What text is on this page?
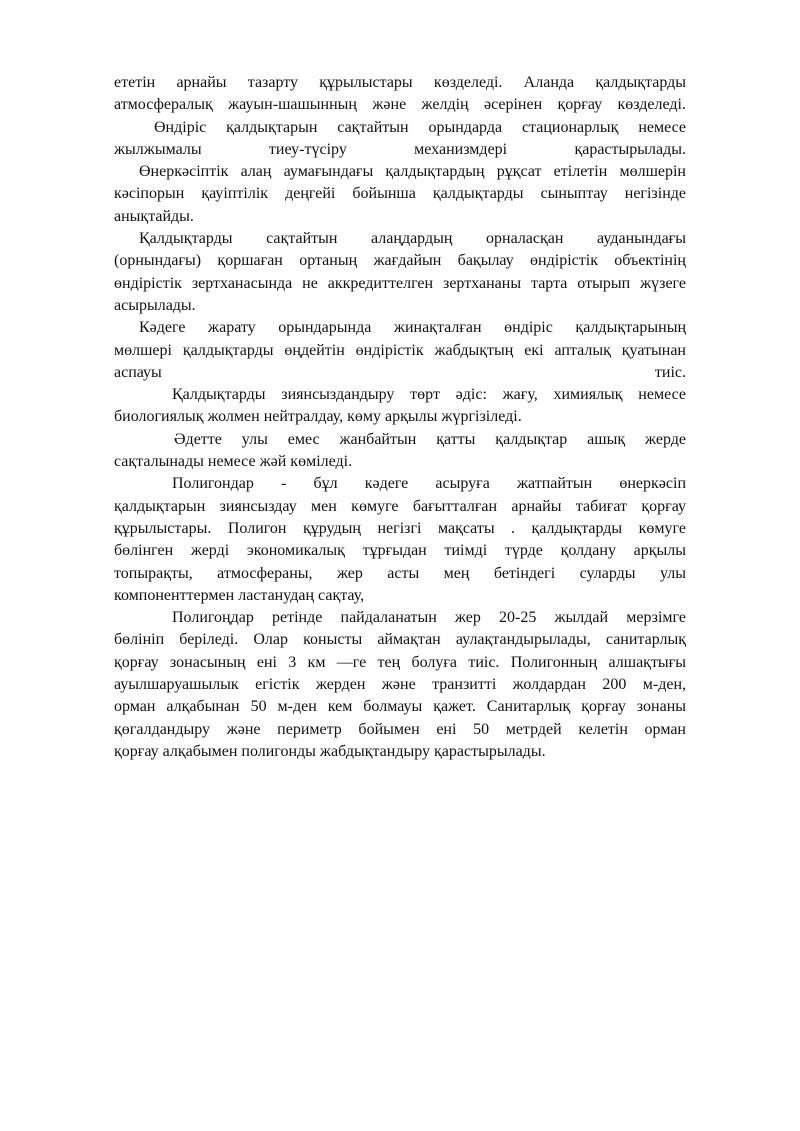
ететін арнайы тазарту құрылыстары көзделеді. Аланда қалдықтарды
атмосфералық жауын-шашынның және желдің әсерінен қорғау көзделеді.
Өндіріс қалдықтарын сақтайтын орындарда стационарлық немесе
жылжымалы тиеу-түсіру механизмдері қарастырылады.
Өнеркәсіптік алаң аумағындағы қалдықтардың рұқсат етілетін мөлшерін
кәсіпорын қауіптілік деңгейі бойынша қалдықтарды сыныптау негізінде
анықтайды.
Қалдықтарды сақтайтын алаңдардың орналасқан ауданындағы
(орнындағы) қоршаған ортаның жағдайын бақылау өндірістік объектінің
өндірістік зертханасында не аккредиттелген зертхананы тарта отырып жүзеге
асырылады.
Кәдеге жарату орындарында жинақталған өндіріс қалдықтарының
мөлшері қалдықтарды өңдейтін өндірістік жабдықтың екі апталық қуатынан
аспауы тиіс.
Қалдықтарды зиянсыздандыру төрт әдіс: жағу, химиялық немесе
биологиялық жолмен нейтралдау, көму арқылы жүргізіледі.
Әдетте улы емес жанбайтын қатты қалдықтар ашық жерде
сақталынады немесе жәй көміледі.
Полигондар - бұл кәдеге асыруға жатпайтын өнеркәсіп
қалдықтарын зиянсыздау мен көмуге бағытталған арнайы табиғат қорғау
құрылыстары. Полигон құрудың негізгі мақсаты . қалдықтарды көмуге
бөлінген жерді экономикалық тұрғыдан тиімді түрде қолдану арқылы
топырақты, атмосфераны, жер асты мең бетіндегі суларды улы
компоненттермен ластанудаң сақтау,
Полигоңдар ретінде пайдаланатын жер 20-25 жылдай мерзімге
бөлініп беріледі. Олар конысты аймақтан аулақтандырылады, санитарлық
қорғау зонасының ені 3 км —ге тең болуға тиіс. Полигонның алшақтығы
ауылшаруашылык егістік жерден және транзитті жолдардан 200 м-ден,
орман алқабынан 50 м-ден кем болмауы қажет. Санитарлық қорғау зонаны
қөгалдандыру және периметр бойымен ені 50 метрдей келетін орман
қорғау алқабымен полигонды жабдықтандыру қарастырылады.
